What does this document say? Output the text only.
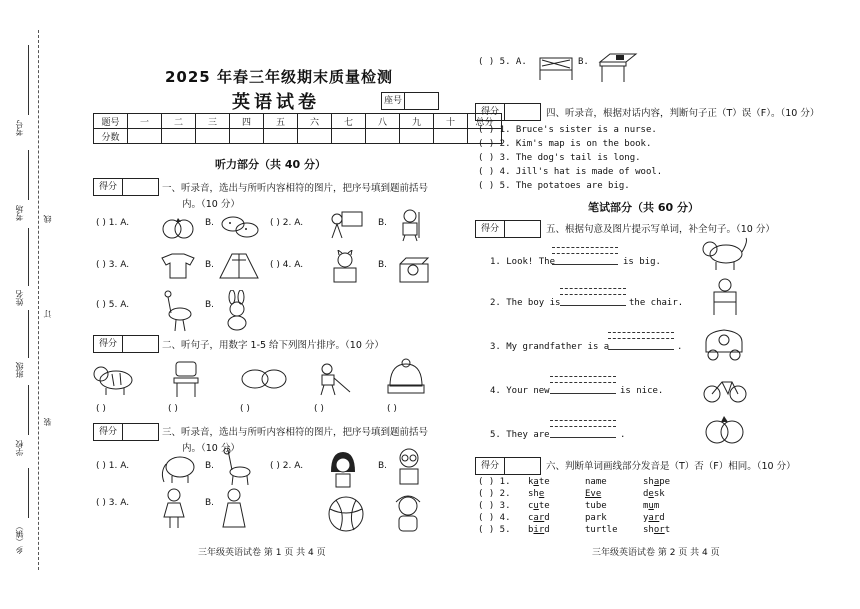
考号
考场
姓名
班级
学校
乡（镇）
线
订
装
2025 年春三年级期末质量检测
英语试卷	座号
题号	一	二	三	四	五	六	七	八	九	十	总分
分数											
听力部分（共 40 分）
得分	一、听录音，选出与所听内容相符的图片，把序号填到题前括号
内。（10 分）
( ) 1. A.	B.	( ) 2. A.	B.
( ) 3. A.	B.	( ) 4. A.	B.
( ) 5. A.	B.
得分	二、听句子，用数字 1-5 给下列图片排序。（10 分）
( )	( )	( )	( )	( )
得分	三、听录音，选出与所听内容相符的图片，把序号填到题前括号
内。（10 分）
( ) 1. A.	B.	( ) 2. A.	B.
( ) 3. A.	B.
三年级英语试卷 第 1 页 共 4 页
( ) 5. A.	B.
得分	四、听录音，根据对话内容，判断句子正（T）误（F）。（10 分）
( ) 1. Bruce's sister is a nurse.
( ) 2. Kim's map is on the book.
( ) 3. The dog's tail is long.
( ) 4. Jill's hat is made of wool.
( ) 5. The potatoes are big.
笔试部分（共 60 分）
得分	五、根据句意及图片提示写单词，补全句子。（10 分）
1. Look! The	is big.
2. The boy is	the chair.
3. My grandfather is a	.
4. Your new	is nice.
5. They are	.
得分	六、判断单词画线部分发音是（T）否（F）相同。（10 分）
( ) 1. kate	name	shape
( ) 2. she	Eve	desk
( ) 3. cute	tube	mum
( ) 4. card	park	yard
( ) 5. bird	turtle	short
三年级英语试卷 第 2 页 共 4 页
